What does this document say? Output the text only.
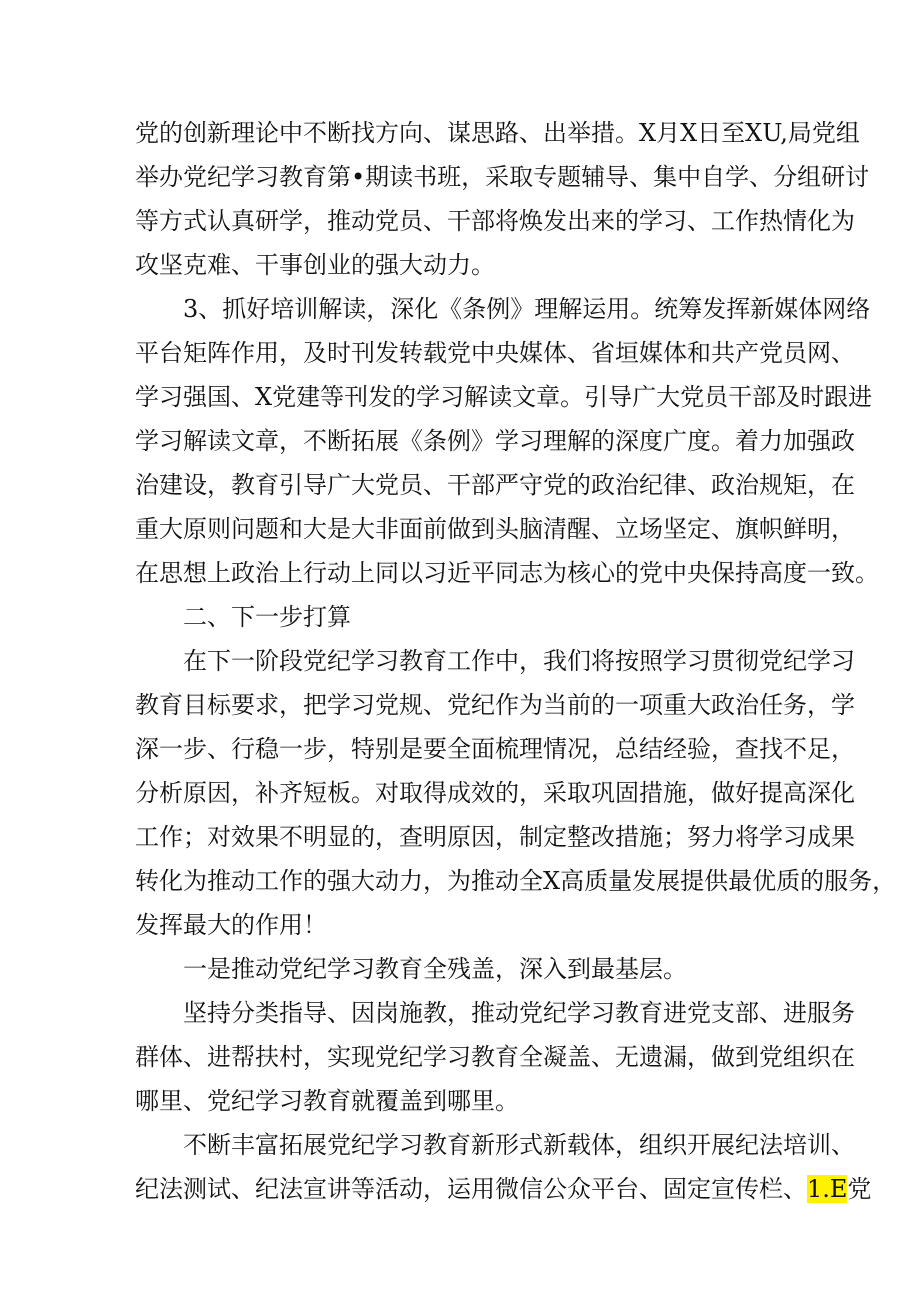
党的创新理论中不断找方向、谋思路、出举措。X月X日至XU,局党组
举办党纪学习教育第•期读书班，采取专题辅导、集中自学、分组研讨
等方式认真研学，推动党员、干部将焕发出来的学习、工作热情化为
攻坚克难、干事创业的强大动力。
3、抓好培训解读，深化《条例》理解运用。统筹发挥新媒体网络
平台矩阵作用，及时刊发转载党中央媒体、省垣媒体和共产党员网、
学习强国、X党建等刊发的学习解读文章。引导广大党员干部及时跟进
学习解读文章，不断拓展《条例》学习理解的深度广度。着力加强政
治建设，教育引导广大党员、干部严守党的政治纪律、政治规矩，在
重大原则问题和大是大非面前做到头脑清醒、立场坚定、旗帜鲜明，
在思想上政治上行动上同以习近平同志为核心的党中央保持高度一致。
二、下一步打算
在下一阶段党纪学习教育工作中，我们将按照学习贯彻党纪学习
教育目标要求，把学习党规、党纪作为当前的一项重大政治任务，学
深一步、行稳一步，特别是要全面梳理情况，总结经验，查找不足，
分析原因，补齐短板。对取得成效的，采取巩固措施，做好提高深化
工作；对效果不明显的，查明原因，制定整改措施；努力将学习成果
转化为推动工作的强大动力，为推动全X高质量发展提供最优质的服务，
发挥最大的作用！
一是推动党纪学习教育全残盖，深入到最基层。
坚持分类指导、因岗施教，推动党纪学习教育进党支部、进服务
群体、进帮扶村，实现党纪学习教育全凝盖、无遗漏，做到党组织在
哪里、党纪学习教育就覆盖到哪里。
不断丰富拓展党纪学习教育新形式新载体，组织开展纪法培训、
纪法测试、纪法宣讲等活动，运用微信公众平台、固定宣传栏、1.E党
